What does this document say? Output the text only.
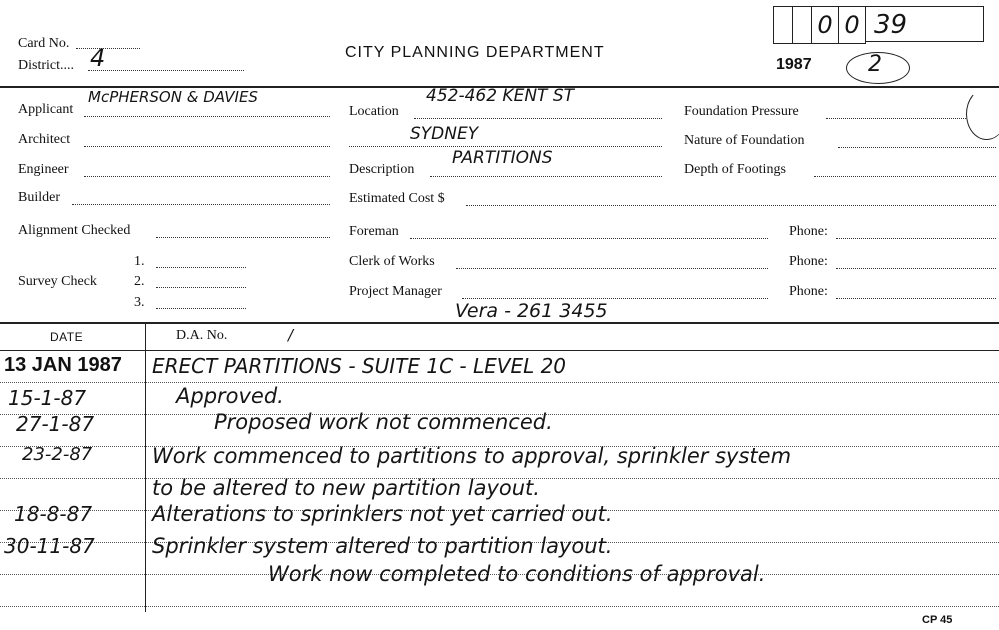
Card No.
District.... 4	CITY PLANNING DEPARTMENT
1987	2
0 0 39
Applicant
McPHERSON & DAVIES
Architect
Engineer
Builder
Alignment Checked
Survey Check
1.
2.
3.
Location
452-462 KENT ST
SYDNEY
Description
PARTITIONS
Estimated Cost $
Foreman
Clerk of Works
Project Manager
Vera - 261 3455
Phone:
Phone:
Phone:
Foundation Pressure
Nature of Foundation
Depth of Footings
DATE	D.A. No.	/
13 JAN 1987 ERECT PARTITIONS - SUITE 1C - LEVEL 20
15-1-87	Approved.
27-1-87	Proposed work not commenced.
23-2-87	Work commenced to partitions to approval, sprinkler system
to be altered to new partition layout.
18-8-87	Alterations to sprinklers not yet carried out.
30-11-87	Sprinkler system altered to partition layout.
Work now completed to conditions of approval.
CP 45
